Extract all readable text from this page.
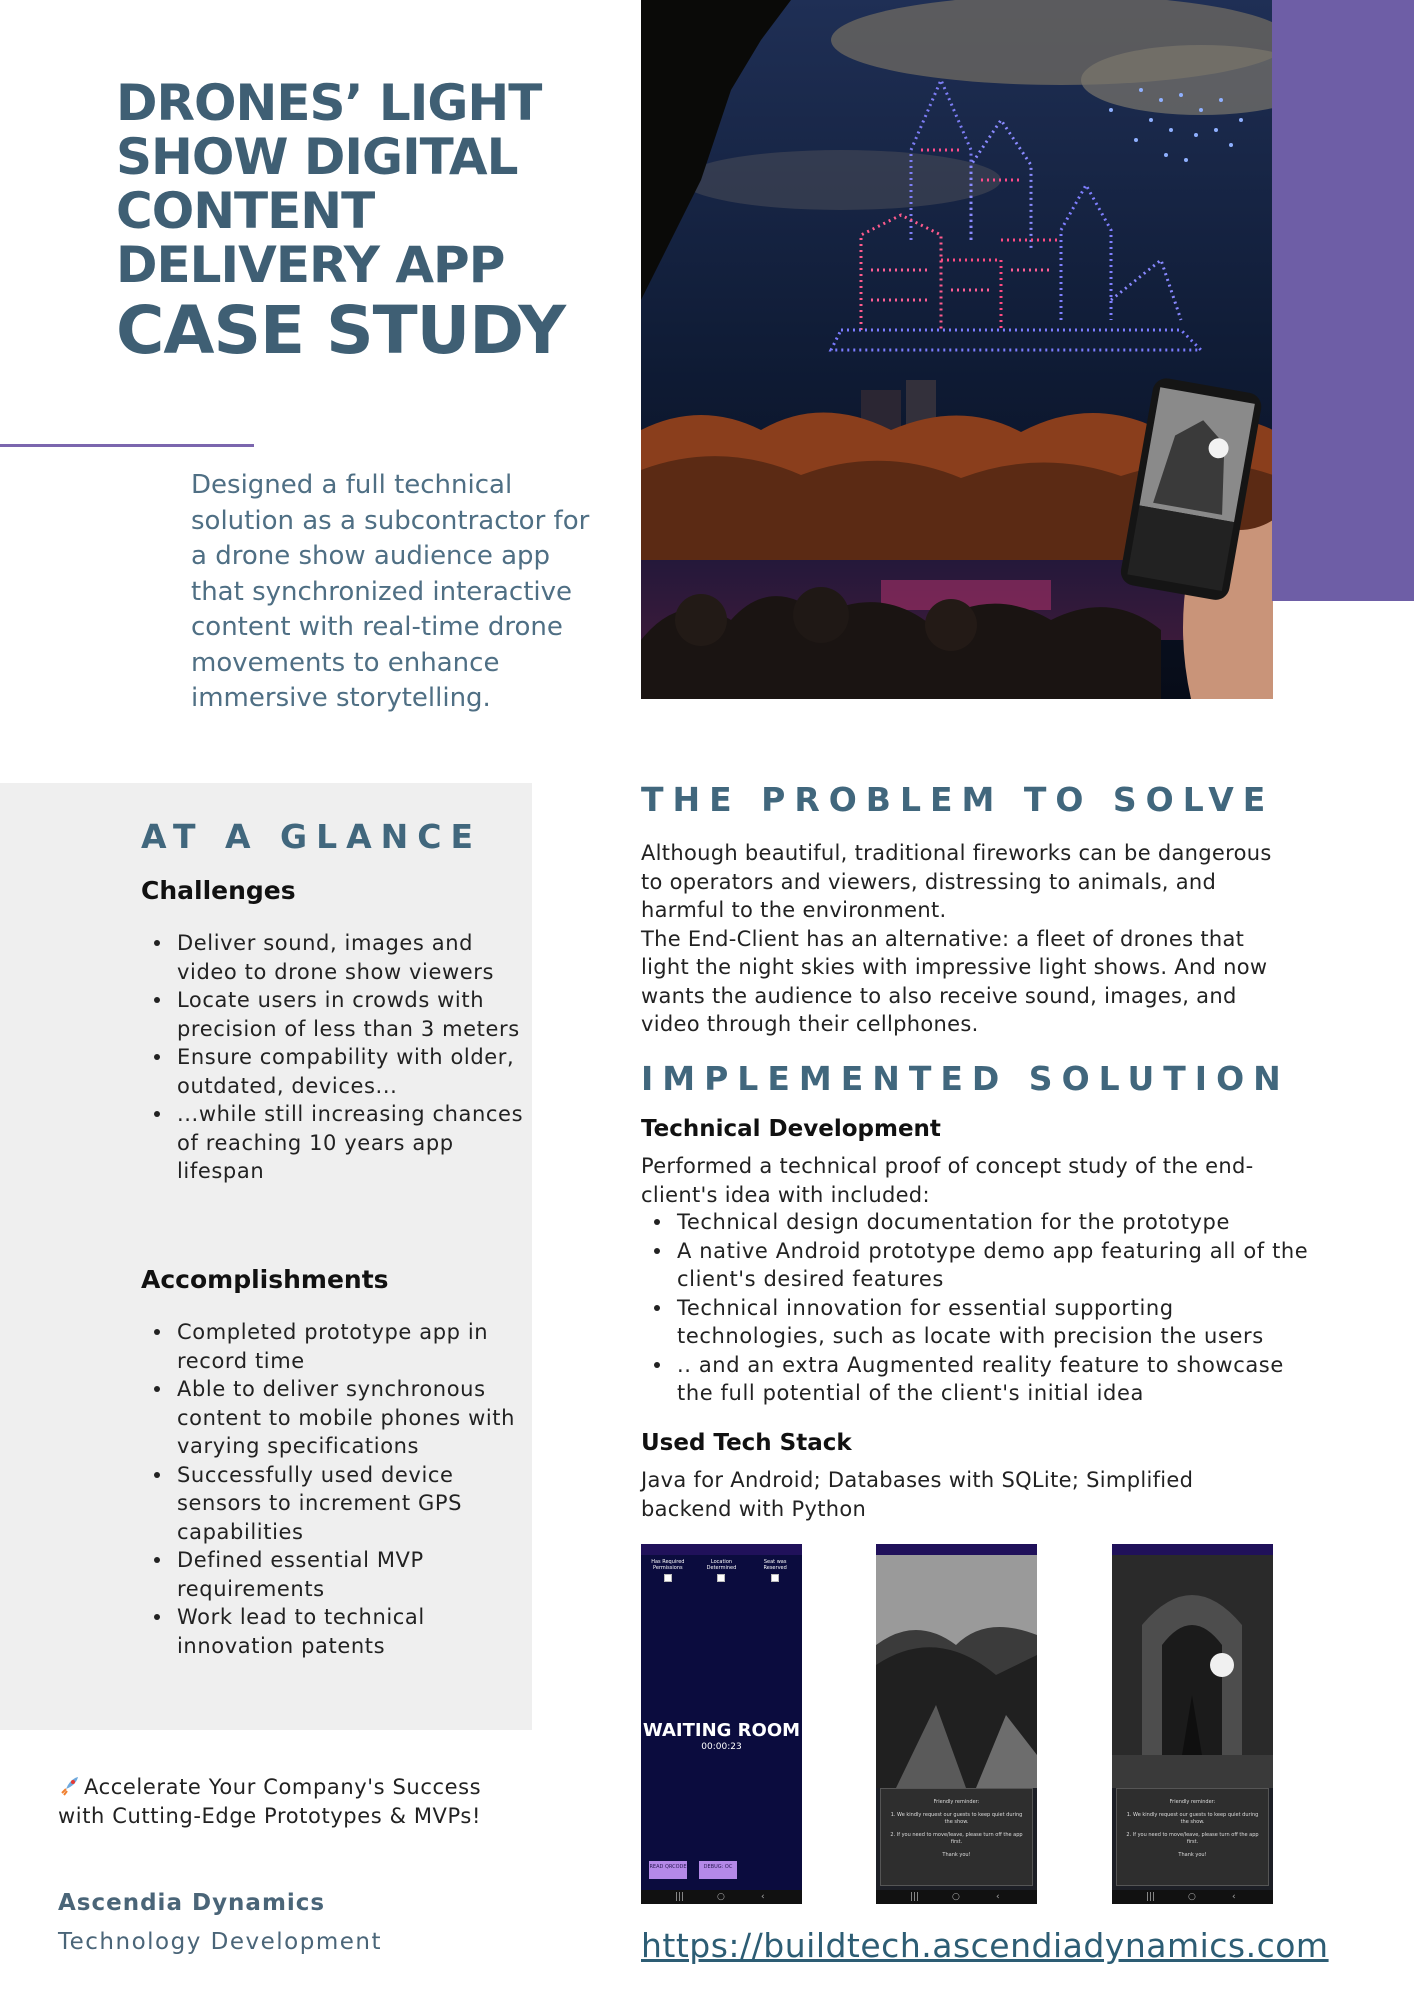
DRONES’ LIGHT
SHOW DIGITAL
CONTENT
DELIVERY APP
CASE STUDY
Designed a full technical solution as a subcontractor for a drone show audience app that synchronized interactive content with real-time drone movements to enhance immersive storytelling.
AT A GLANCE
Challenges
Deliver sound, images and video to drone show viewers
Locate users in crowds with precision of less than 3 meters
Ensure compability with older, outdated, devices...
...while still increasing chances of reaching 10 years app lifespan
Accomplishments
Completed prototype app in record time
Able to deliver synchronous content to mobile phones with varying specifications
Successfully used device sensors to increment GPS capabilities
Defined essential MVP requirements
Work lead to technical innovation patents
Accelerate Your Company's Success with Cutting-Edge Prototypes & MVPs!
Ascendia Dynamics
Technology Development
THE PROBLEM TO SOLVE
Although beautiful, traditional fireworks can be dangerous to operators and viewers, distressing to animals, and harmful to the environment.
The End-Client has an alternative: a fleet of drones that light the night skies with impressive light shows. And now wants the audience to also receive sound, images, and video through their cellphones.
IMPLEMENTED SOLUTION
Technical Development
Performed a technical proof of concept study of the end-client's idea with included:
Technical design documentation for the prototype
A native Android prototype demo app featuring all of the client's desired features
Technical innovation for essential supporting technologies, such as locate with precision the users
.. and an extra Augmented reality feature to showcase the full potential of the client's initial idea
Used Tech Stack
Java for Android; Databases with SQLite; Simplified backend with Python
Has Required Permissions
Location Determined
Seat was Reserved
WAITING ROOM
00:00:23
READ QRCODE	DEBUG: OC
|||	○	‹
Friendly reminder:
1. We kindly request our guests to keep quiet during the show.
2. If you need to move/leave, please turn off the app first.
Thank you!
|||	○	‹
Friendly reminder:
1. We kindly request our guests to keep quiet during the show.
2. If you need to move/leave, please turn off the app first.
Thank you!
|||	○	‹
https://buildtech.ascendiadynamics.com
